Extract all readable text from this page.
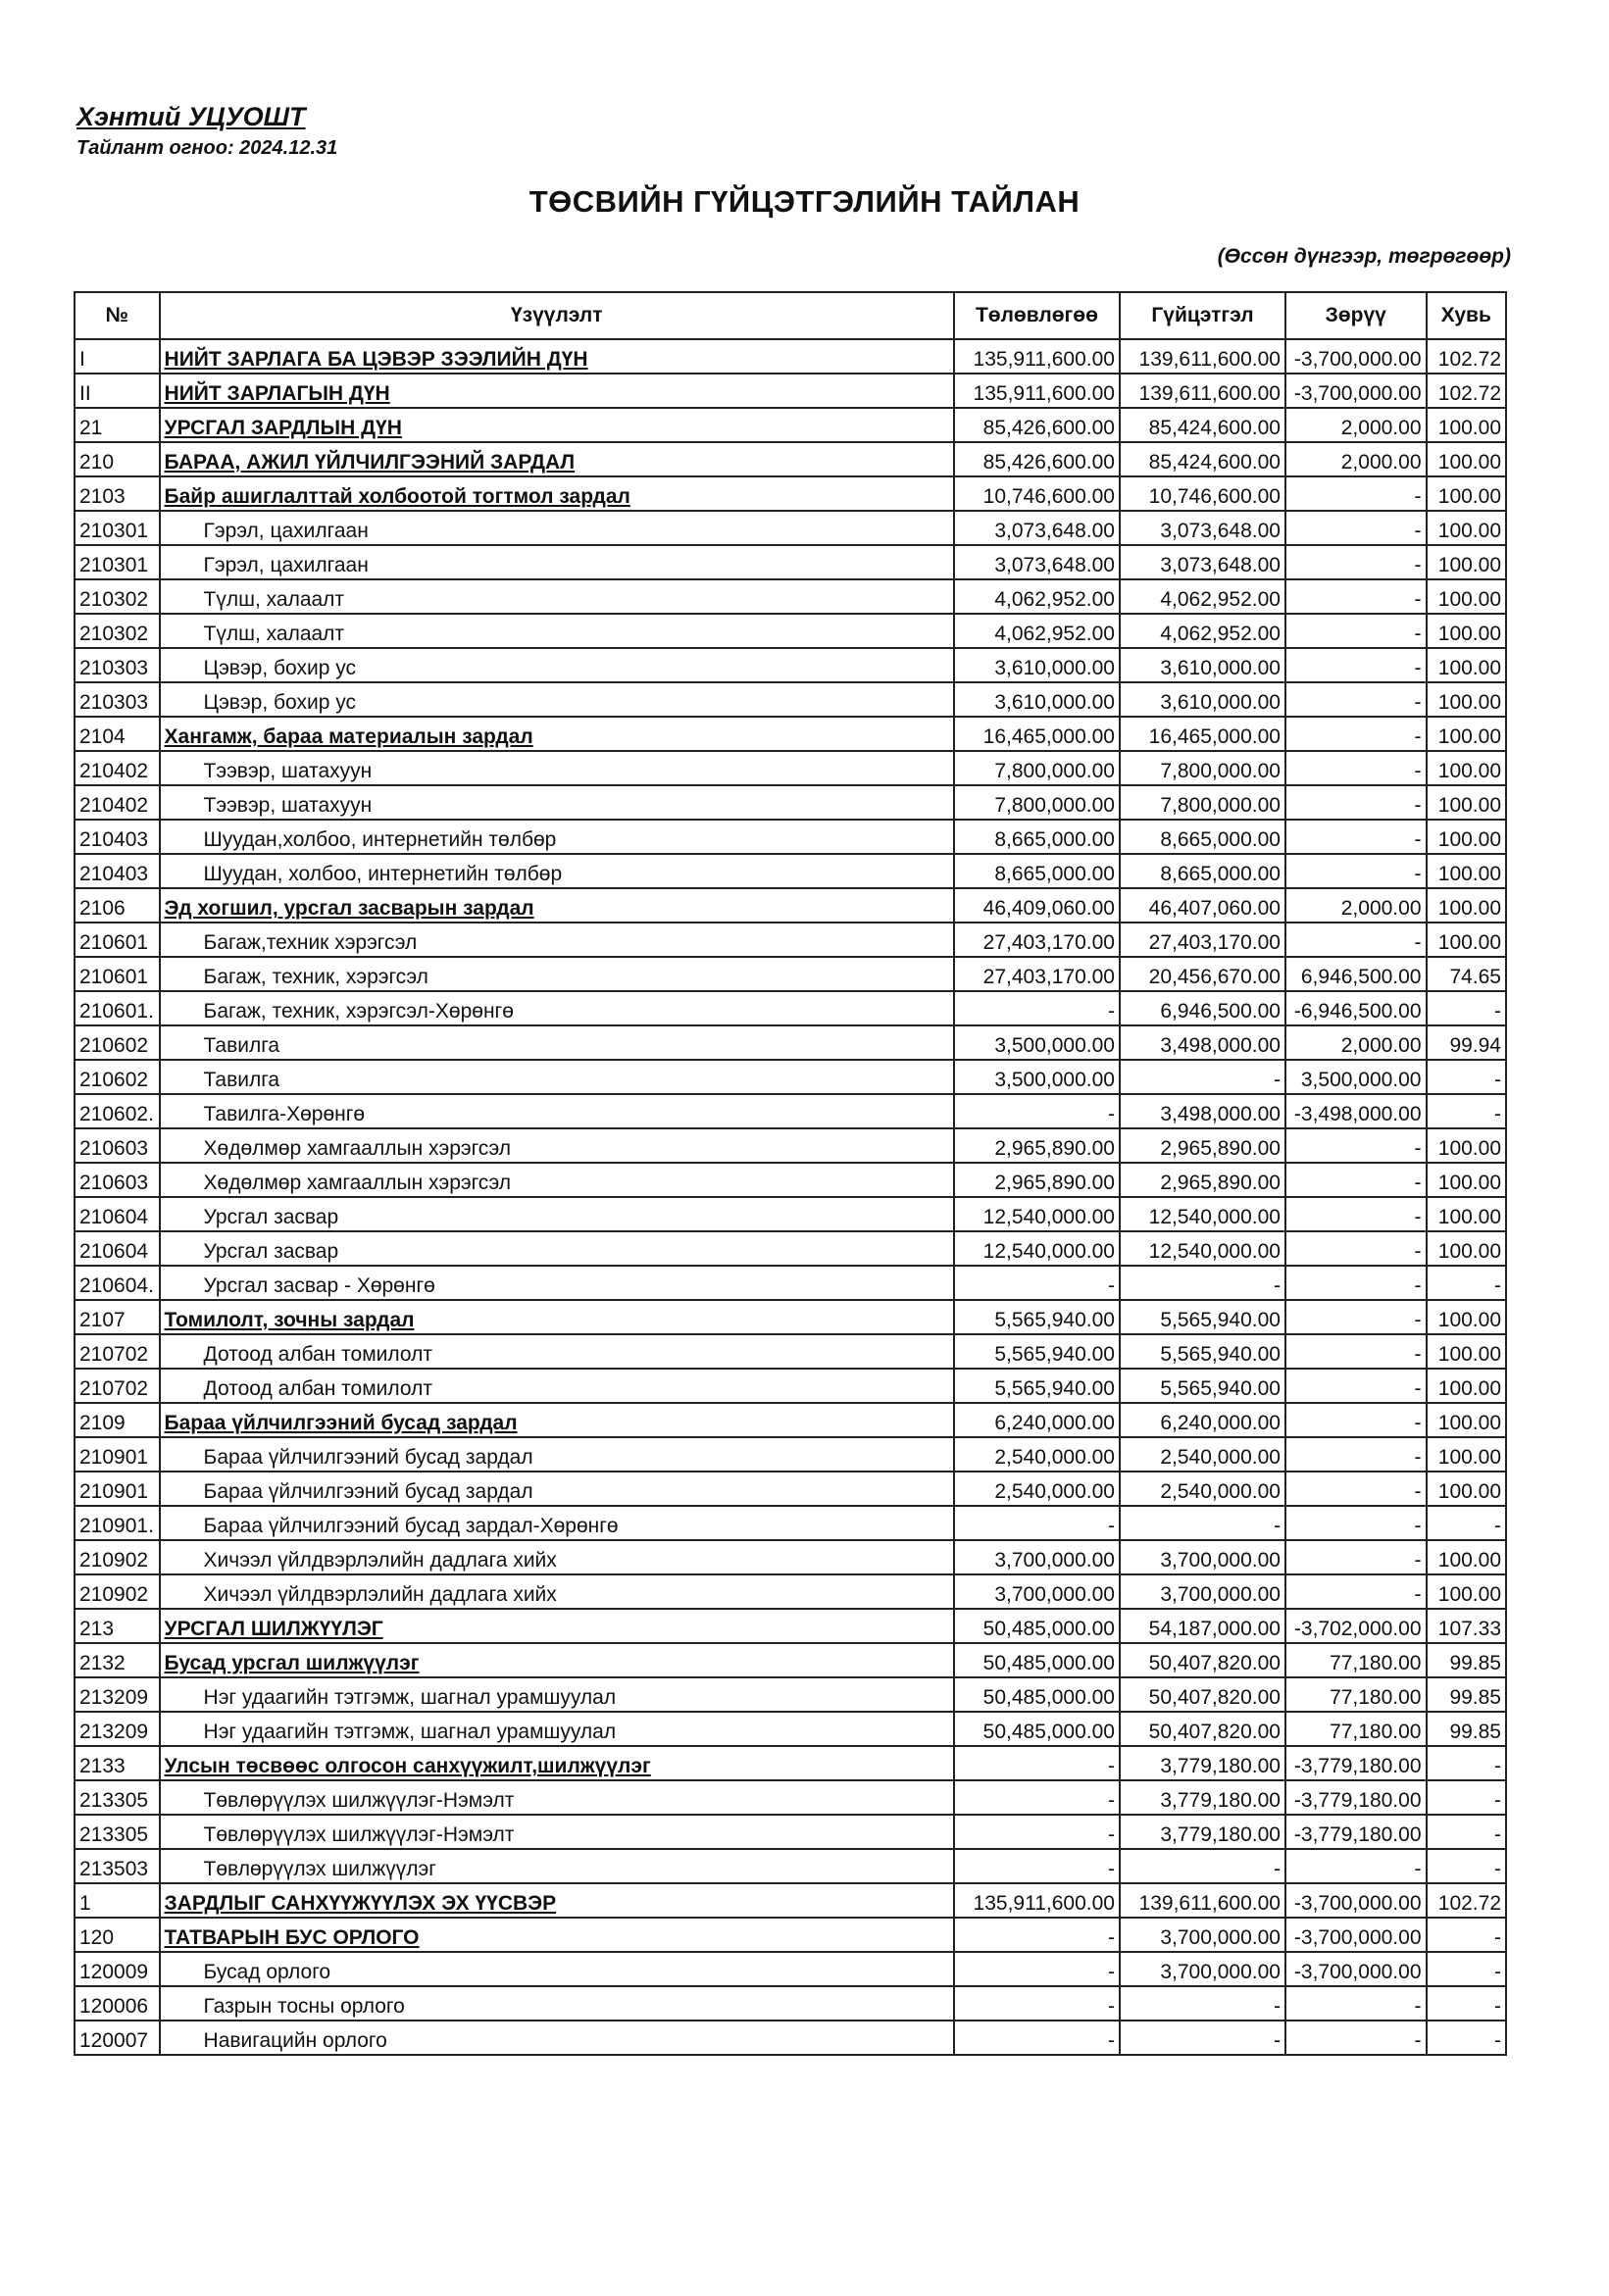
Хэнтий УЦУОШТ
Тайлант огноо: 2024.12.31
ТӨСВИЙН ГҮЙЦЭТГЭЛИЙН ТАЙЛАН
(Өссөн дүнгээр, төгрөгөөр)
№	Үзүүлэлт	Төлөвлөгөө	Гүйцэтгэл	Зөрүү	Хувь
I	НИЙТ ЗАРЛАГА БА ЦЭВЭР ЗЭЭЛИЙН ДҮН	135,911,600.00	139,611,600.00	-3,700,000.00	102.72
II	НИЙТ ЗАРЛАГЫН ДҮН	135,911,600.00	139,611,600.00	-3,700,000.00	102.72
21	УРСГАЛ ЗАРДЛЫН ДҮН	85,426,600.00	85,424,600.00	2,000.00	100.00
210	БАРАА, АЖИЛ ҮЙЛЧИЛГЭЭНИЙ ЗАРДАЛ	85,426,600.00	85,424,600.00	2,000.00	100.00
2103	Байр ашиглалттай холбоотой тогтмол зардал	10,746,600.00	10,746,600.00	-	100.00
210301	Гэрэл, цахилгаан	3,073,648.00	3,073,648.00	-	100.00
210301	Гэрэл, цахилгаан	3,073,648.00	3,073,648.00	-	100.00
210302	Түлш, халаалт	4,062,952.00	4,062,952.00	-	100.00
210302	Түлш, халаалт	4,062,952.00	4,062,952.00	-	100.00
210303	Цэвэр, бохир ус	3,610,000.00	3,610,000.00	-	100.00
210303	Цэвэр, бохир ус	3,610,000.00	3,610,000.00	-	100.00
2104	Хангамж, бараа материалын зардал	16,465,000.00	16,465,000.00	-	100.00
210402	Тээвэр, шатахуун	7,800,000.00	7,800,000.00	-	100.00
210402	Тээвэр, шатахуун	7,800,000.00	7,800,000.00	-	100.00
210403	Шуудан,холбоо, интернетийн төлбөр	8,665,000.00	8,665,000.00	-	100.00
210403	Шуудан, холбоо, интернетийн төлбөр	8,665,000.00	8,665,000.00	-	100.00
2106	Эд хогшил, урсгал засварын зардал	46,409,060.00	46,407,060.00	2,000.00	100.00
210601	Багаж,техник хэрэгсэл	27,403,170.00	27,403,170.00	-	100.00
210601	Багаж, техник, хэрэгсэл	27,403,170.00	20,456,670.00	6,946,500.00	74.65
210601.	Багаж, техник, хэрэгсэл-Хөрөнгө	-	6,946,500.00	-6,946,500.00	-
210602	Тавилга	3,500,000.00	3,498,000.00	2,000.00	99.94
210602	Тавилга	3,500,000.00	-	3,500,000.00	-
210602.	Тавилга-Хөрөнгө	-	3,498,000.00	-3,498,000.00	-
210603	Хөдөлмөр хамгааллын хэрэгсэл	2,965,890.00	2,965,890.00	-	100.00
210603	Хөдөлмөр хамгааллын хэрэгсэл	2,965,890.00	2,965,890.00	-	100.00
210604	Урсгал засвар	12,540,000.00	12,540,000.00	-	100.00
210604	Урсгал засвар	12,540,000.00	12,540,000.00	-	100.00
210604.	Урсгал засвар - Хөрөнгө	-	-	-	-
2107	Томилолт, зочны зардал	5,565,940.00	5,565,940.00	-	100.00
210702	Дотоод албан томилолт	5,565,940.00	5,565,940.00	-	100.00
210702	Дотоод албан томилолт	5,565,940.00	5,565,940.00	-	100.00
2109	Бараа үйлчилгээний бусад зардал	6,240,000.00	6,240,000.00	-	100.00
210901	Бараа үйлчилгээний бусад зардал	2,540,000.00	2,540,000.00	-	100.00
210901	Бараа үйлчилгээний бусад зардал	2,540,000.00	2,540,000.00	-	100.00
210901.	Бараа үйлчилгээний бусад зардал-Хөрөнгө	-	-	-	-
210902	Хичээл үйлдвэрлэлийн дадлага хийх	3,700,000.00	3,700,000.00	-	100.00
210902	Хичээл үйлдвэрлэлийн дадлага хийх	3,700,000.00	3,700,000.00	-	100.00
213	УРСГАЛ ШИЛЖҮҮЛЭГ	50,485,000.00	54,187,000.00	-3,702,000.00	107.33
2132	Бусад урсгал шилжүүлэг	50,485,000.00	50,407,820.00	77,180.00	99.85
213209	Нэг удаагийн тэтгэмж, шагнал урамшуулал	50,485,000.00	50,407,820.00	77,180.00	99.85
213209	Нэг удаагийн тэтгэмж, шагнал урамшуулал	50,485,000.00	50,407,820.00	77,180.00	99.85
2133	Улсын төсвөөс олгосон санхүүжилт,шилжүүлэг	-	3,779,180.00	-3,779,180.00	-
213305	Төвлөрүүлэх шилжүүлэг-Нэмэлт	-	3,779,180.00	-3,779,180.00	-
213305	Төвлөрүүлэх шилжүүлэг-Нэмэлт	-	3,779,180.00	-3,779,180.00	-
213503	Төвлөрүүлэх шилжүүлэг	-	-	-	-
1	ЗАРДЛЫГ САНХҮҮЖҮҮЛЭХ ЭХ ҮҮСВЭР	135,911,600.00	139,611,600.00	-3,700,000.00	102.72
120	ТАТВАРЫН БУС ОРЛОГО	-	3,700,000.00	-3,700,000.00	-
120009	Бусад орлого	-	3,700,000.00	-3,700,000.00	-
120006	Газрын тосны орлого	-	-	-	-
120007	Навигацийн орлого	-	-	-	-
